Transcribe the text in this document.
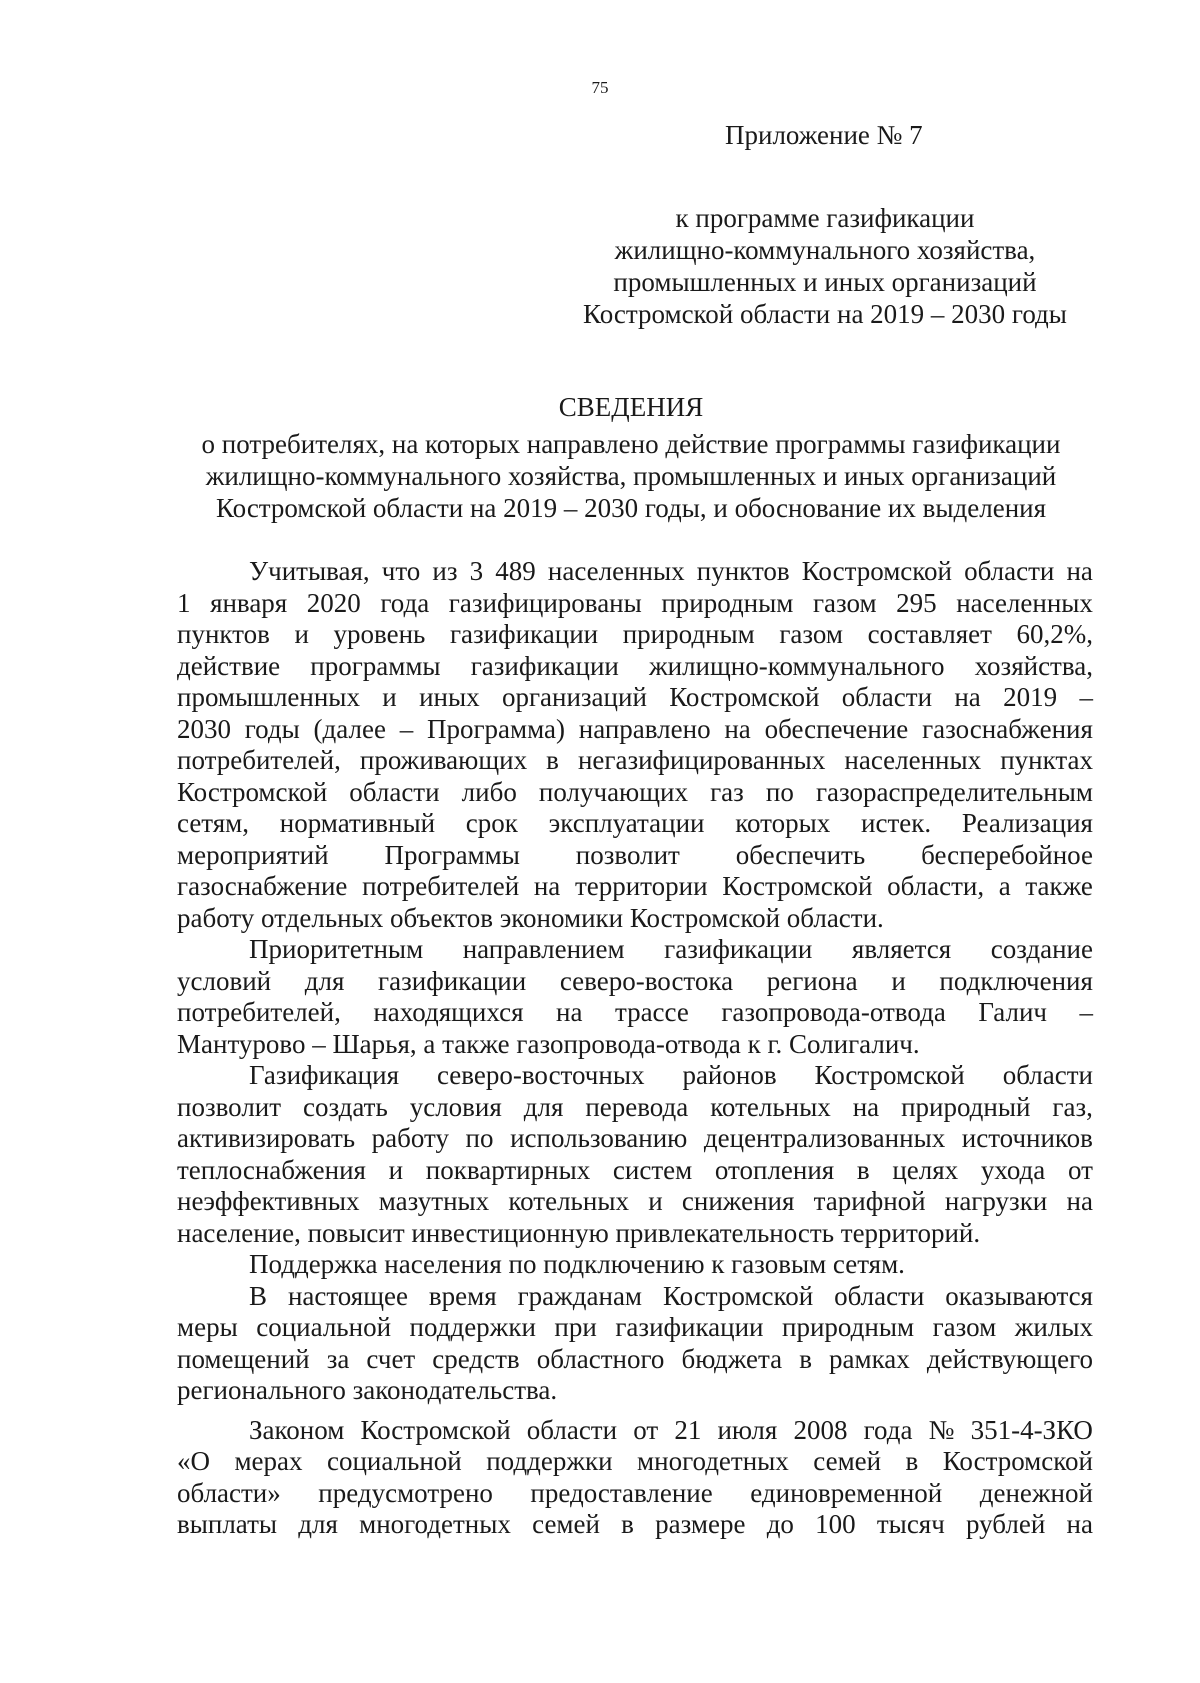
75
Приложение № 7
к программе газификации
жилищно-коммунального хозяйства,
промышленных и иных организаций
Костромской области на 2019 – 2030 годы
СВЕДЕНИЯ
о потребителях, на которых направлено действие программы газификации
жилищно-коммунального хозяйства, промышленных и иных организаций
Костромской области на 2019 – 2030 годы, и обоснование их выделения
Учитывая, что из 3 489 населенных пунктов Костромской области на
1 января 2020 года газифицированы природным газом 295 населенных
пунктов и уровень газификации природным газом составляет 60,2%,
действие программы газификации жилищно-коммунального хозяйства,
промышленных и иных организаций Костромской области на 2019 –
2030 годы (далее – Программа) направлено на обеспечение газоснабжения
потребителей, проживающих в негазифицированных населенных пунктах
Костромской области либо получающих газ по газораспределительным
сетям, нормативный срок эксплуатации которых истек. Реализация
мероприятий Программы позволит обеспечить бесперебойное
газоснабжение потребителей на территории Костромской области, а также
работу отдельных объектов экономики Костромской области.
Приоритетным направлением газификации является создание
условий для газификации северо-востока региона и подключения
потребителей, находящихся на трассе газопровода-отвода Галич –
Мантурово – Шарья, а также газопровода-отвода к г. Солигалич.
Газификация северо-восточных районов Костромской области
позволит создать условия для перевода котельных на природный газ,
активизировать работу по использованию децентрализованных источников
теплоснабжения и поквартирных систем отопления в целях ухода от
неэффективных мазутных котельных и снижения тарифной нагрузки на
население, повысит инвестиционную привлекательность территорий.
Поддержка населения по подключению к газовым сетям.
В настоящее время гражданам Костромской области оказываются
меры социальной поддержки при газификации природным газом жилых
помещений за счет средств областного бюджета в рамках действующего
регионального законодательства.
Законом Костромской области от 21 июля 2008 года № 351-4-ЗКО
«О мерах социальной поддержки многодетных семей в Костромской
области» предусмотрено предоставление единовременной денежной
выплаты для многодетных семей в размере до 100 тысяч рублей на
